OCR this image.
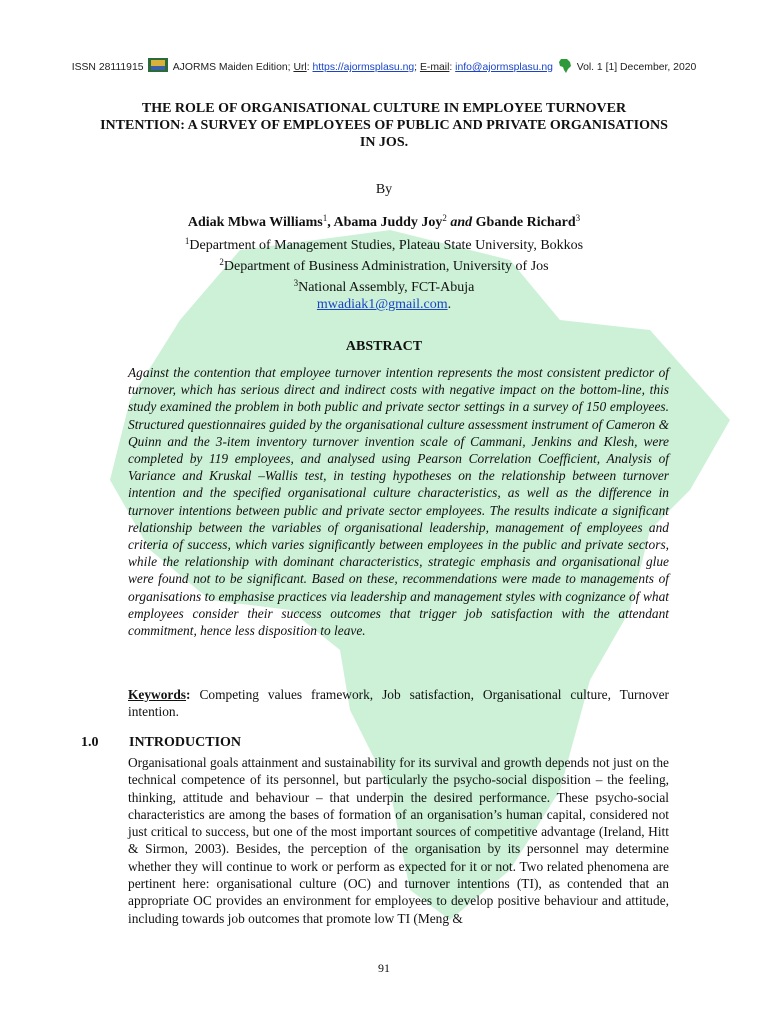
ISSN 28111915	AJORMS Maiden Edition; Url: https://ajormsplasu.ng; E-mail: info@ajormsplasu.ng Vol. 1 [1] December, 2020
THE ROLE OF ORGANISATIONAL CULTURE IN EMPLOYEE TURNOVER INTENTION: A SURVEY OF EMPLOYEES OF PUBLIC AND PRIVATE ORGANISATIONS IN JOS.
By
Adiak Mbwa Williams$^1$, Abama Juddy Joy$^2$ and Gbande Richard$^3$
$^1$Department of Management Studies, Plateau State University, Bokkos
$^2$Department of Business Administration, University of Jos
$^3$National Assembly, FCT-Abuja
mwadiak1@gmail.com.
ABSTRACT
Against the contention that employee turnover intention represents the most consistent predictor of turnover, which has serious direct and indirect costs with negative impact on the bottom-line, this study examined the problem in both public and private sector settings in a survey of 150 employees. Structured questionnaires guided by the organisational culture assessment instrument of Cameron & Quinn and the 3-item inventory turnover invention scale of Cammani, Jenkins and Klesh, were completed by 119 employees, and analysed using Pearson Correlation Coefficient, Analysis of Variance and Kruskal –Wallis test, in testing hypotheses on the relationship between turnover intention and the specified organisational culture characteristics, as well as the difference in turnover intentions between public and private sector employees. The results indicate a significant relationship between the variables of organisational leadership, management of employees and criteria of success, which varies significantly between employees in the public and private sectors, while the relationship with dominant characteristics, strategic emphasis and organisational glue were found not to be significant. Based on these, recommendations were made to managements of organisations to emphasise practices via leadership and management styles with cognizance of what employees consider their success outcomes that trigger job satisfaction with the attendant commitment, hence less disposition to leave.
Keywords: Competing values framework, Job satisfaction, Organisational culture, Turnover intention.
1.0 INTRODUCTION
Organisational goals attainment and sustainability for its survival and growth depends not just on the technical competence of its personnel, but particularly the psycho-social disposition – the feeling, thinking, attitude and behaviour – that underpin the desired performance. These psycho-social characteristics are among the bases of formation of an organisation’s human capital, considered not just critical to success, but one of the most important sources of competitive advantage (Ireland, Hitt & Sirmon, 2003). Besides, the perception of the organisation by its personnel may determine whether they will continue to work or perform as expected for it or not. Two related phenomena are pertinent here: organisational culture (OC) and turnover intentions (TI), as contended that an appropriate OC provides an environment for employees to develop positive behaviour and attitude, including towards job outcomes that promote low TI (Meng &
91
